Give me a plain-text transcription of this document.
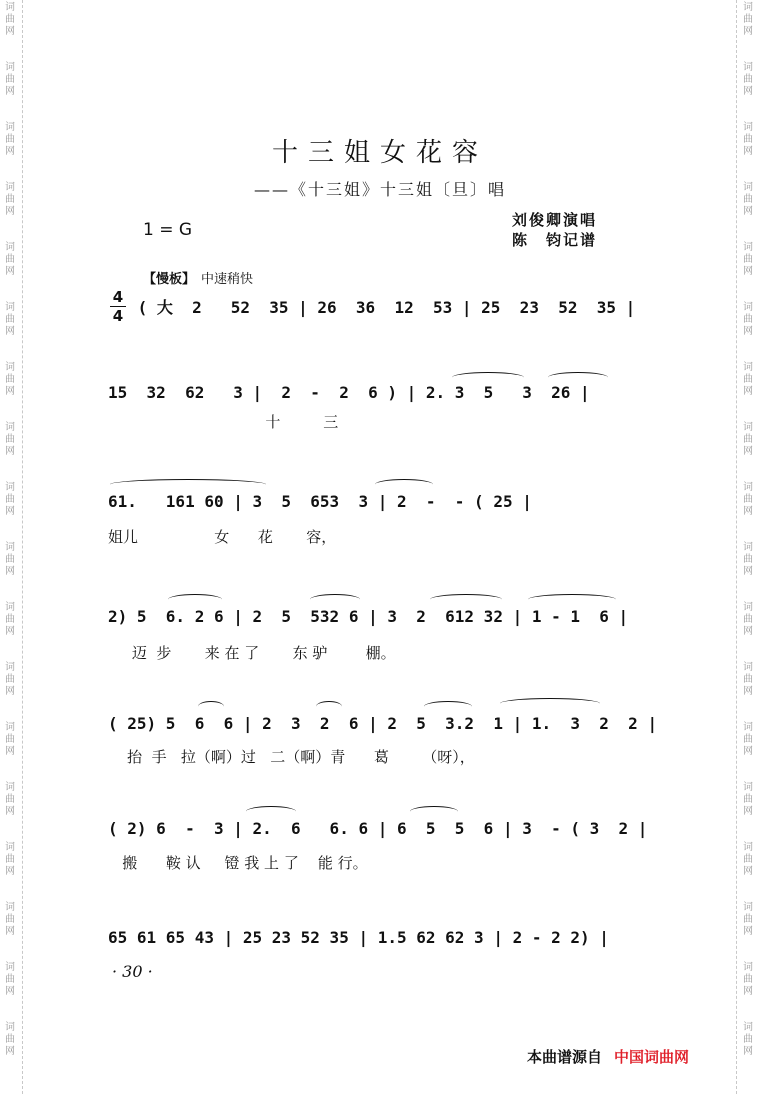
词
曲
网
词
曲
网
词
曲
网
词
曲
网
词
曲
网
词
曲
网
词
曲
网
词
曲
网
词
曲
网
词
曲
网
词
曲
网
词
曲
网
词
曲
网
词
曲
网
词
曲
网
词
曲
网
词
曲
网
词
曲
网
词
曲
网
词
曲
网
词
曲
网
词
曲
网
词
曲
网
词
曲
网
词
曲
网
词
曲
网
词
曲
网
词
曲
网
词
曲
网
词
曲
网
词
曲
网
词
曲
网
词
曲
网
词
曲
网
词
曲
网
词
曲
网
十三姐女花容
——《十三姐》十三姐〔旦〕唱
1 = G	刘俊卿演唱
陈　钧记谱
【慢板】 中速稍快
4
4 ( 大  2   52  35 | 26  36  12  53 | 25  23  52  35 |
15  32  62   3 |  2  -  2  6 ) | 2. 3  5   3  26 |
十         三
61.   161 60 | 3  5  653  3 | 2  -  - ( 25 |
姐儿                女      花       容，
2) 5  6. 2 6 | 2  5  532 6 | 3  2  612 32 | 1 - 1  6 |
迈  步       来 在 了       东 驴        棚。
( 25) 5  6  6 | 2  3  2  6 | 2  5  3.2  1 | 1.  3  2  2 |
抬  手   拉（啊）过   二（啊）青      葛       （呀），
( 2) 6  -  3 | 2.  6   6. 6 | 6  5  5  6 | 3  - ( 3  2 |
搬      鞍 认     镫 我 上 了    能 行。
65 61 65 43 | 25 23 52 35 | 1.5 62 62 3 | 2 - 2 2) |
· 30 ·
本曲谱源自 中国词曲网
